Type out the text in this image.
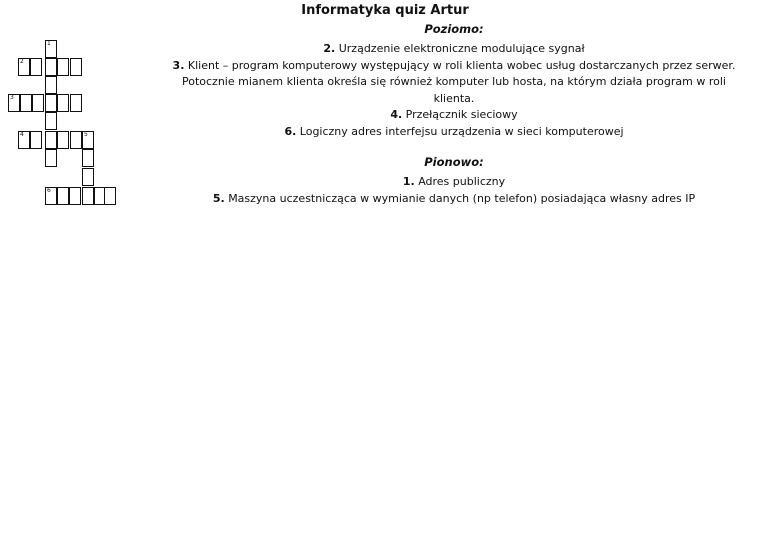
Informatyka quiz Artur
1
2
3
4	5
6
Poziomo:
2. Urządzenie elektroniczne modulujące sygnał
3. Klient – program komputerowy występujący w roli klienta wobec usług dostarczanych przez serwer. Potocznie mianem klienta określa się również komputer lub hosta, na którym działa program w roli klienta.
4. Przełącznik sieciowy
6. Logiczny adres interfejsu urządzenia w sieci komputerowej
Pionowo:
1. Adres publiczny
5. Maszyna uczestnicząca w wymianie danych (np telefon) posiadająca własny adres IP
